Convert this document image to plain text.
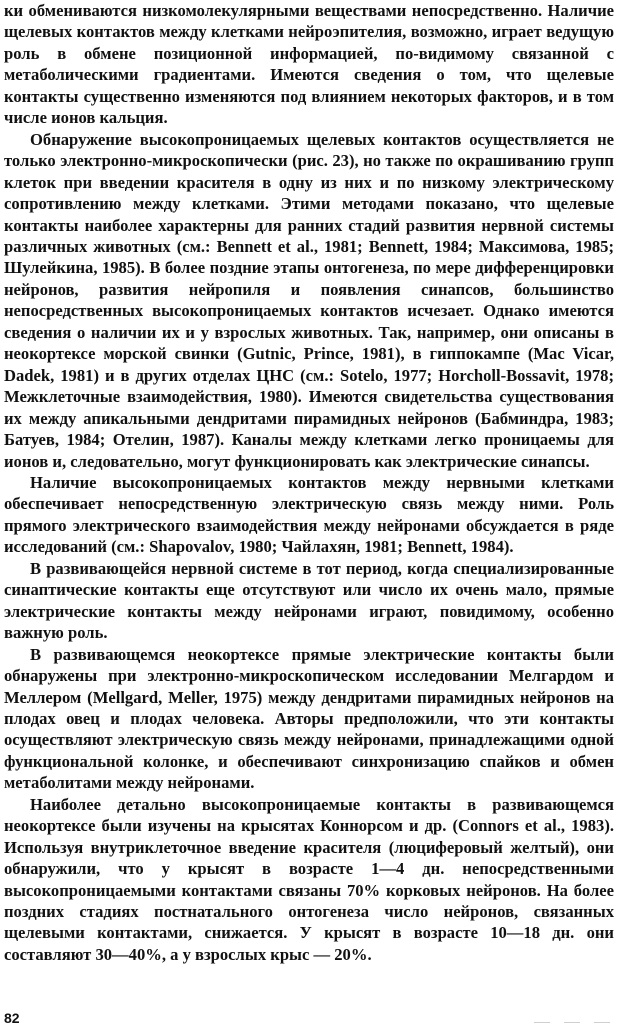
ки обмениваются низкомолекулярными веществами непосредственно. Наличие щелевых контактов между клетками нейроэпителия, возможно, играет ведущую роль в обмене позиционной информацией, по-видимому связанной с метаболическими градиентами. Имеются сведения о том, что щелевые контакты существенно изменяются под влиянием некоторых факторов, и в том числе ионов кальция.

Обнаружение высокопроницаемых щелевых контактов осуществляется не только электронно-микроскопически (рис. 23), но также по окрашиванию групп клеток при введении красителя в одну из них и по низкому электрическому сопротивлению между клетками. Этими методами показано, что щелевые контакты наиболее характерны для ранних стадий развития нервной системы различных животных (см.: Bennett et al., 1981; Bennett, 1984; Максимова, 1985; Шулейкина, 1985). В более поздние этапы онтогенеза, по мере дифференцировки нейронов, развития нейропиля и появления синапсов, большинство непосредственных высокопроницаемых контактов исчезает. Однако имеются сведения о наличии их и у взрослых животных. Так, например, они описаны в неокортексе морской свинки (Gutnic, Prince, 1981), в гиппокампе (Mac Vicar, Dadek, 1981) и в других отделах ЦНС (см.: Sotelo, 1977; Horcholl-Bossavit, 1978; Межклеточные взаимодействия, 1980). Имеются свидетельства существования их между апикальными дендритами пирамидных нейронов (Бабминдра, 1983; Батуев, 1984; Отелин, 1987). Каналы между клетками легко проницаемы для ионов и, следовательно, могут функционировать как электрические синапсы.

Наличие высокопроницаемых контактов между нервными клетками обеспечивает непосредственную электрическую связь между ними. Роль прямого электрического взаимодействия между нейронами обсуждается в ряде исследований (см.: Shapovalov, 1980; Чайлахян, 1981; Bennett, 1984).

В развивающейся нервной системе в тот период, когда специализированные синаптические контакты еще отсутствуют или число их очень мало, прямые электрические контакты между нейронами играют, повидимому, особенно важную роль.

В развивающемся неокортексе прямые электрические контакты были обнаружены при электронно-микроскопическом исследовании Мелгардом и Меллером (Mellgard, Meller, 1975) между дендритами пирамидных нейронов на плодах овец и плодах человека. Авторы предположили, что эти контакты осуществляют электрическую связь между нейронами, принадлежащими одной функциональной колонке, и обеспечивают синхронизацию спайков и обмен метаболитами между нейронами.

Наиболее детально высокопроницаемые контакты в развивающемся неокортексе были изучены на крысятах Коннорсом и др. (Connors et al., 1983). Используя внутриклеточное введение красителя (люциферовый желтый), они обнаружили, что у крысят в возрасте 1—4 дн. непосредственными высокопроницаемыми контактами связаны 70% корковых нейронов. На более поздних стадиях постнатального онтогенеза число нейронов, связанных щелевыми контактами, снижается. У крысят в возрасте 10—18 дн. они составляют 30—40%, а у взрослых крыс — 20%.

82
